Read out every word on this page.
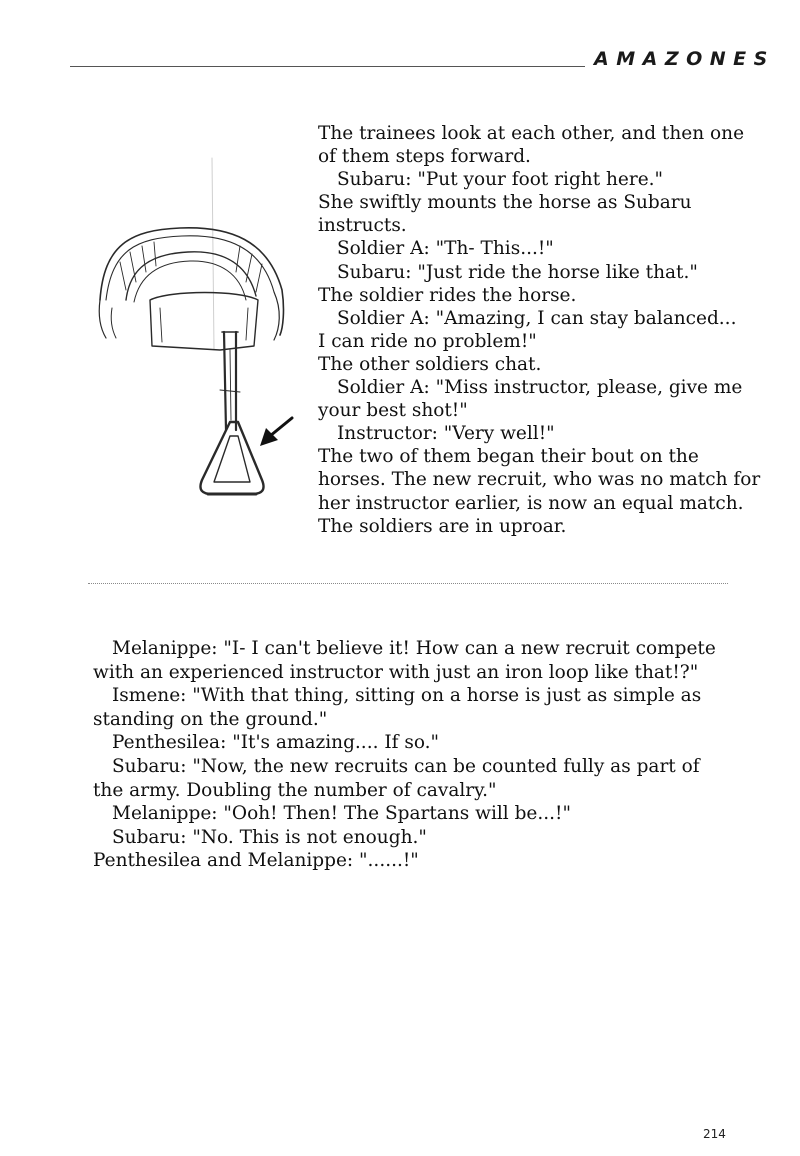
AMAZONES

The trainees look at each other, and then one

of them steps forward.

Subaru: "Put your foot right here."

She swiftly mounts the horse as Subaru

instructs.

Soldier A: "Th- This...!"

Subaru: "Just ride the horse like that."

The soldier rides the horse.

Soldier A: "Amazing, I can stay balanced...

I can ride no problem!"

The other soldiers chat.

Soldier A: "Miss instructor, please, give me

your best shot!"

Instructor: "Very well!"

The two of them began their bout on the

horses. The new recruit, who was no match for

her instructor earlier, is now an equal match.

The soldiers are in uproar.

Melanippe: "I- I can't believe it! How can a new recruit compete

with an experienced instructor with just an iron loop like that!?"

Ismene: "With that thing, sitting on a horse is just as simple as

standing on the ground."

Penthesilea: "It's amazing.... If so."

Subaru: "Now, the new recruits can be counted fully as part of

the army. Doubling the number of cavalry."

Melanippe: "Ooh! Then! The Spartans will be...!"

Subaru: "No. This is not enough."

Penthesilea and Melanippe: "......!"

214
